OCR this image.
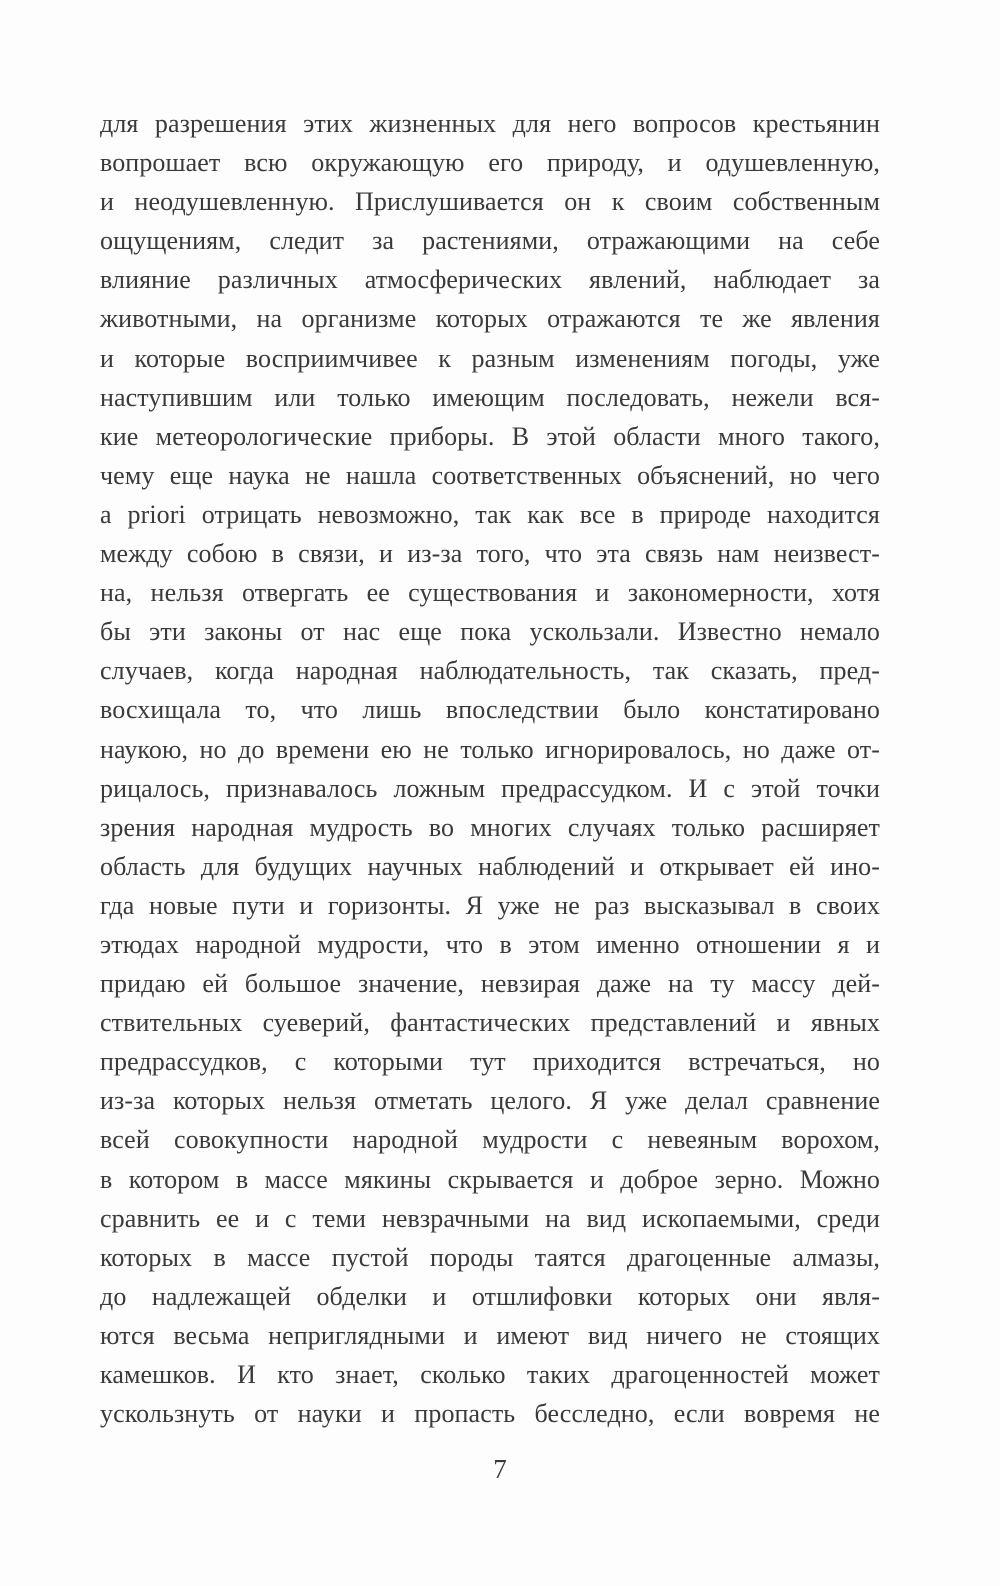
для разрешения этих жизненных для него вопросов крестьянин
вопрошает всю окружающую его природу, и одушевленную,
и неодушевленную. Прислушивается он к своим собственным
ощущениям, следит за растениями, отражающими на себе
влияние различных атмосферических явлений, наблюдает за
животными, на организме которых отражаются те же явления
и которые восприимчивее к разным изменениям погоды, уже
наступившим или только имеющим последовать, нежели вся-
кие метеорологические приборы. В этой области много такого,
чему еще наука не нашла соответственных объяснений, но чего
a priori отрицать невозможно, так как все в природе находится
между собою в связи, и из-за того, что эта связь нам неизвест-
на, нельзя отвергать ее существования и закономерности, хотя
бы эти законы от нас еще пока ускользали. Известно немало
случаев, когда народная наблюдательность, так сказать, пред-
восхищала то, что лишь впоследствии было констатировано
наукою, но до времени ею не только игнорировалось, но даже от-
рицалось, признавалось ложным предрассудком. И с этой точки
зрения народная мудрость во многих случаях только расширяет
область для будущих научных наблюдений и открывает ей ино-
гда новые пути и горизонты. Я уже не раз высказывал в своих
этюдах народной мудрости, что в этом именно отношении я и
придаю ей большое значение, невзирая даже на ту массу дей-
ствительных суеверий, фантастических представлений и явных
предрассудков, с которыми тут приходится встречаться, но
из-за которых нельзя отметать целого. Я уже делал сравнение
всей совокупности народной мудрости с невеяным ворохом,
в котором в массе мякины скрывается и доброе зерно. Можно
сравнить ее и с теми невзрачными на вид ископаемыми, среди
которых в массе пустой породы таятся драгоценные алмазы,
до надлежащей обделки и отшлифовки которых они явля-
ются весьма неприглядными и имеют вид ничего не стоящих
камешков. И кто знает, сколько таких драгоценностей может
ускользнуть от науки и пропасть бесследно, если вовремя не
7
